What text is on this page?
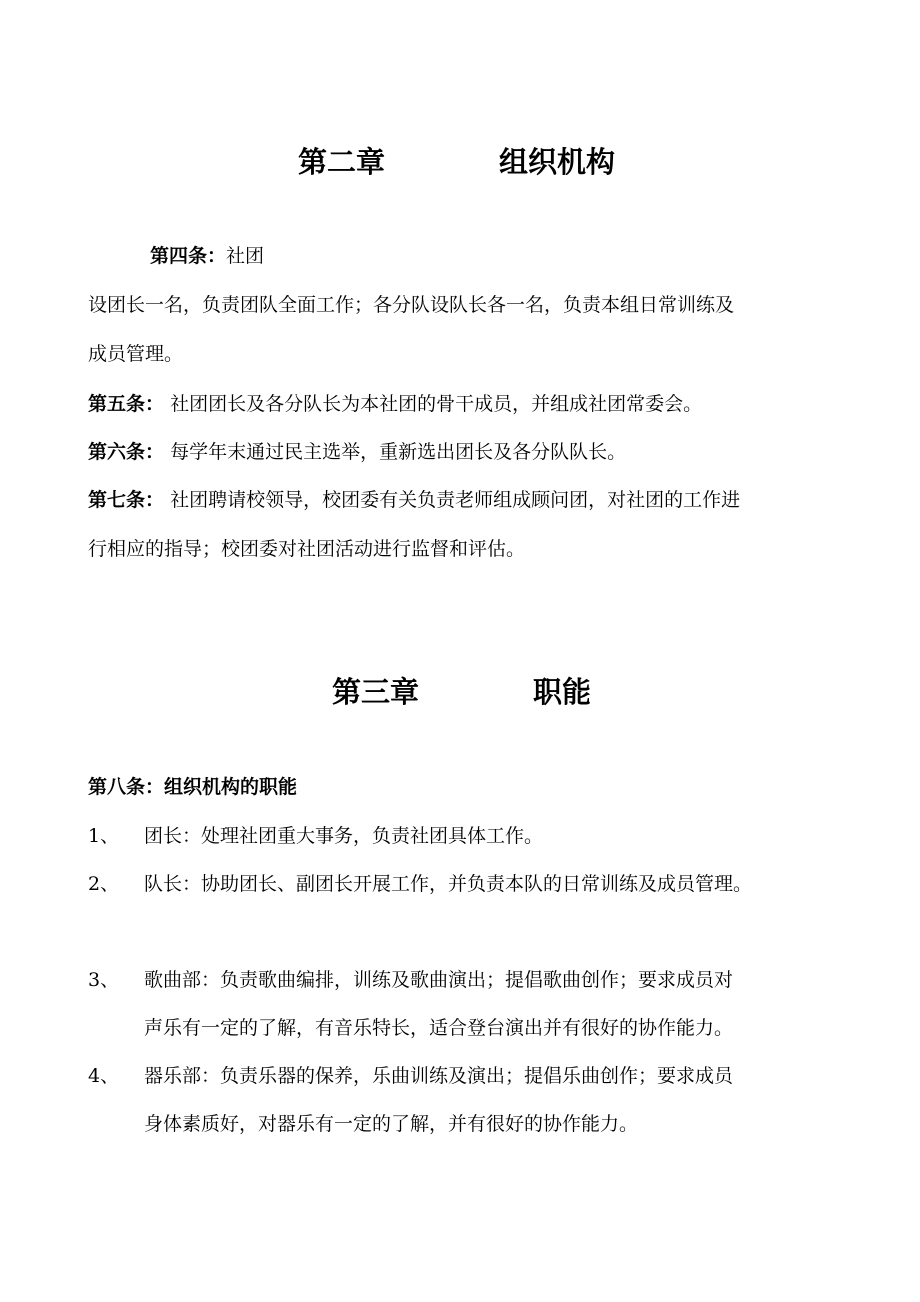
第二章	组织机构
第四条：社团
设团长一名，负责团队全面工作；各分队设队长各一名，负责本组日常训练及
成员管理。
第五条： 社团团长及各分队长为本社团的骨干成员，并组成社团常委会。
第六条： 每学年末通过民主选举，重新选出团长及各分队队长。
第七条： 社团聘请校领导，校团委有关负责老师组成顾问团，对社团的工作进
行相应的指导；校团委对社团活动进行监督和评估。
第三章	职能
第八条：组织机构的职能
1、 团长：处理社团重大事务，负责社团具体工作。
2、 队长：协助团长、副团长开展工作，并负责本队的日常训练及成员管理。
3、 歌曲部：负责歌曲编排，训练及歌曲演出；提倡歌曲创作；要求成员对
声乐有一定的了解，有音乐特长，适合登台演出并有很好的协作能力。
4、 器乐部：负责乐器的保养，乐曲训练及演出；提倡乐曲创作；要求成员
身体素质好，对器乐有一定的了解，并有很好的协作能力。
